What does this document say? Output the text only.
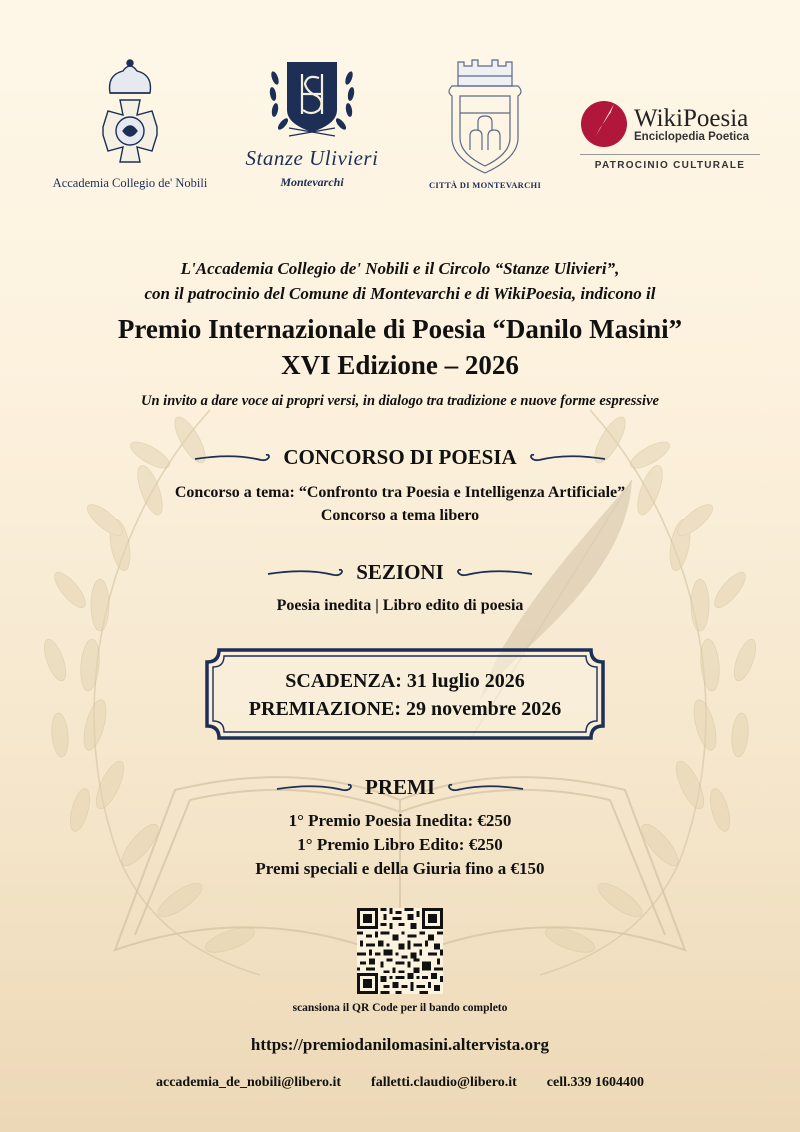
Accademia Collegio de' Nobili
Stanze Ulivieri
Montevarchi	CITTÀ DI MONTEVARCHI
WikiPoesia
Enciclopedia Poetica
PATROCINIO CULTURALE
L'Accademia Collegio de' Nobili e il Circolo “Stanze Ulivieri”,
con il patrocinio del Comune di Montevarchi e di WikiPoesia, indicono il
Premio Internazionale di Poesia “Danilo Masini”
XVI Edizione – 2026
Un invito a dare voce ai propri versi, in dialogo tra tradizione e nuove forme espressive
CONCORSO DI POESIA
Concorso a tema: “Confronto tra Poesia e Intelligenza Artificiale”
Concorso a tema libero
SEZIONI
Poesia inedita | Libro edito di poesia
SCADENZA: 31 luglio 2026
PREMIAZIONE: 29 novembre 2026
PREMI
1° Premio Poesia Inedita: €250
1° Premio Libro Edito: €250
Premi speciali e della Giuria fino a €150
scansiona il QR Code per il bando completo
https://premiodanilomasini.altervista.org
accademia_de_nobili@libero.it falletti.claudio@libero.it cell.339 1604400
